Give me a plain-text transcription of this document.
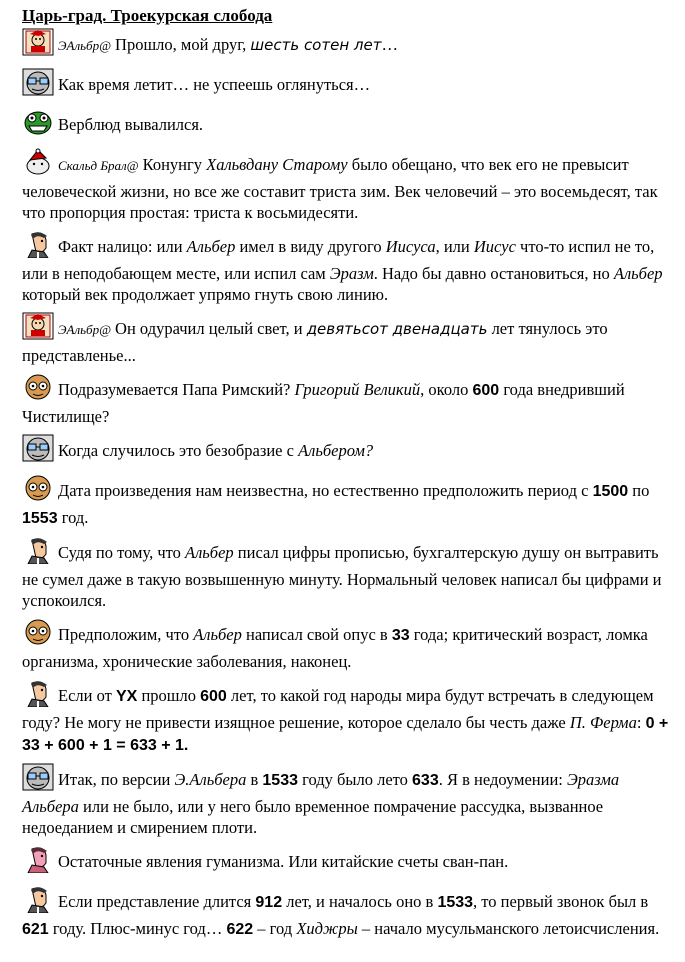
Царь-град. Троекурская слобода
ЭАльбр@ Прошло, мой друг, шесть сотен лет…
Как время летит… не успеешь оглянуться…
Верблюд вывалился.
Скальд Брал@ Конунгу Хальвдану Старому было обещано, что век его не превысит человеческой жизни, но все же составит триста зим. Век человечий – это восемьдесят, так что пропорция простая: триста к восьмидесяти.
Факт налицо: или Альбер имел в виду другого Иисуса, или Иисус что-то испил не то, или в неподобающем месте, или испил сам Эразм. Надо бы давно остановиться, но Альбер который век продолжает упрямо гнуть свою линию.
ЭАльбр@ Он одурачил целый свет, и девятьсот двенадцать лет тянулось это представленье...
Подразумевается Папа Римский? Григорий Великий, около 600 года внедривший Чистилище?
Когда случилось это безобразие с Альбером?
Дата произведения нам неизвестна, но естественно предположить период с 1500 по 1553 год.
Судя по тому, что Альбер писал цифры прописью, бухгалтерскую душу он вытравить не сумел даже в такую возвышенную минуту. Нормальный человек написал бы цифрами и успокоился.
Предположим, что Альбер написал свой опус в 33 года; критический возраст, ломка организма, хронические заболевания, наконец.
Если от YX прошло 600 лет, то какой год народы мира будут встречать в следующем году? Не могу не привести изящное решение, которое сделало бы честь даже П. Ферма: 0 + 33 + 600 + 1 = 633 + 1.
Итак, по версии Э.Альбера в 1533 году было лето 633. Я в недоумении: Эразма Альбера или не было, или у него было временное помрачение рассудка, вызванное недоеданием и смирением плоти.
Остаточные явления гуманизма. Или китайские счеты сван-пан.
Если представление длится 912 лет, и началось оно в 1533, то первый звонок был в 621 году. Плюс-минус год… 622 – год Хиджры – начало мусульманского летоисчисления.
